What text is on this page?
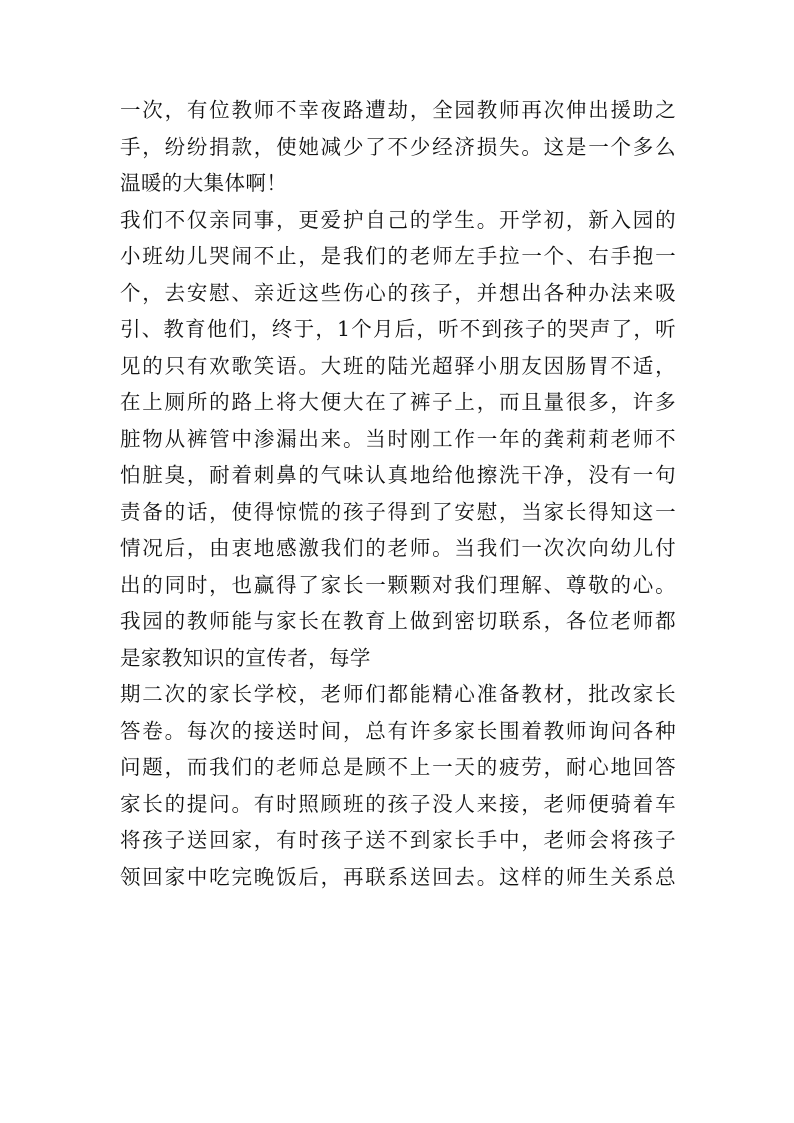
一次，有位教师不幸夜路遭劫，全园教师再次伸出援助之
手，纷纷捐款，使她减少了不少经济损失。这是一个多么
温暖的大集体啊！
我们不仅亲同事，更爱护自己的学生。开学初，新入园的
小班幼儿哭闹不止，是我们的老师左手拉一个、右手抱一
个，去安慰、亲近这些伤心的孩子，并想出各种办法来吸
引、教育他们，终于，1个月后，听不到孩子的哭声了，听
见的只有欢歌笑语。大班的陆光超驿小朋友因肠胃不适，
在上厕所的路上将大便大在了裤子上，而且量很多，许多
脏物从裤管中渗漏出来。当时刚工作一年的龚莉莉老师不
怕脏臭，耐着刺鼻的气味认真地给他擦洗干净，没有一句
责备的话，使得惊慌的孩子得到了安慰，当家长得知这一
情况后，由衷地感激我们的老师。当我们一次次向幼儿付
出的同时，也赢得了家长一颗颗对我们理解、尊敬的心。
我园的教师能与家长在教育上做到密切联系，各位老师都
是家教知识的宣传者，每学
期二次的家长学校，老师们都能精心准备教材，批改家长
答卷。每次的接送时间，总有许多家长围着教师询问各种
问题，而我们的老师总是顾不上一天的疲劳，耐心地回答
家长的提问。有时照顾班的孩子没人来接，老师便骑着车
将孩子送回家，有时孩子送不到家长手中，老师会将孩子
领回家中吃完晚饭后，再联系送回去。这样的师生关系总
